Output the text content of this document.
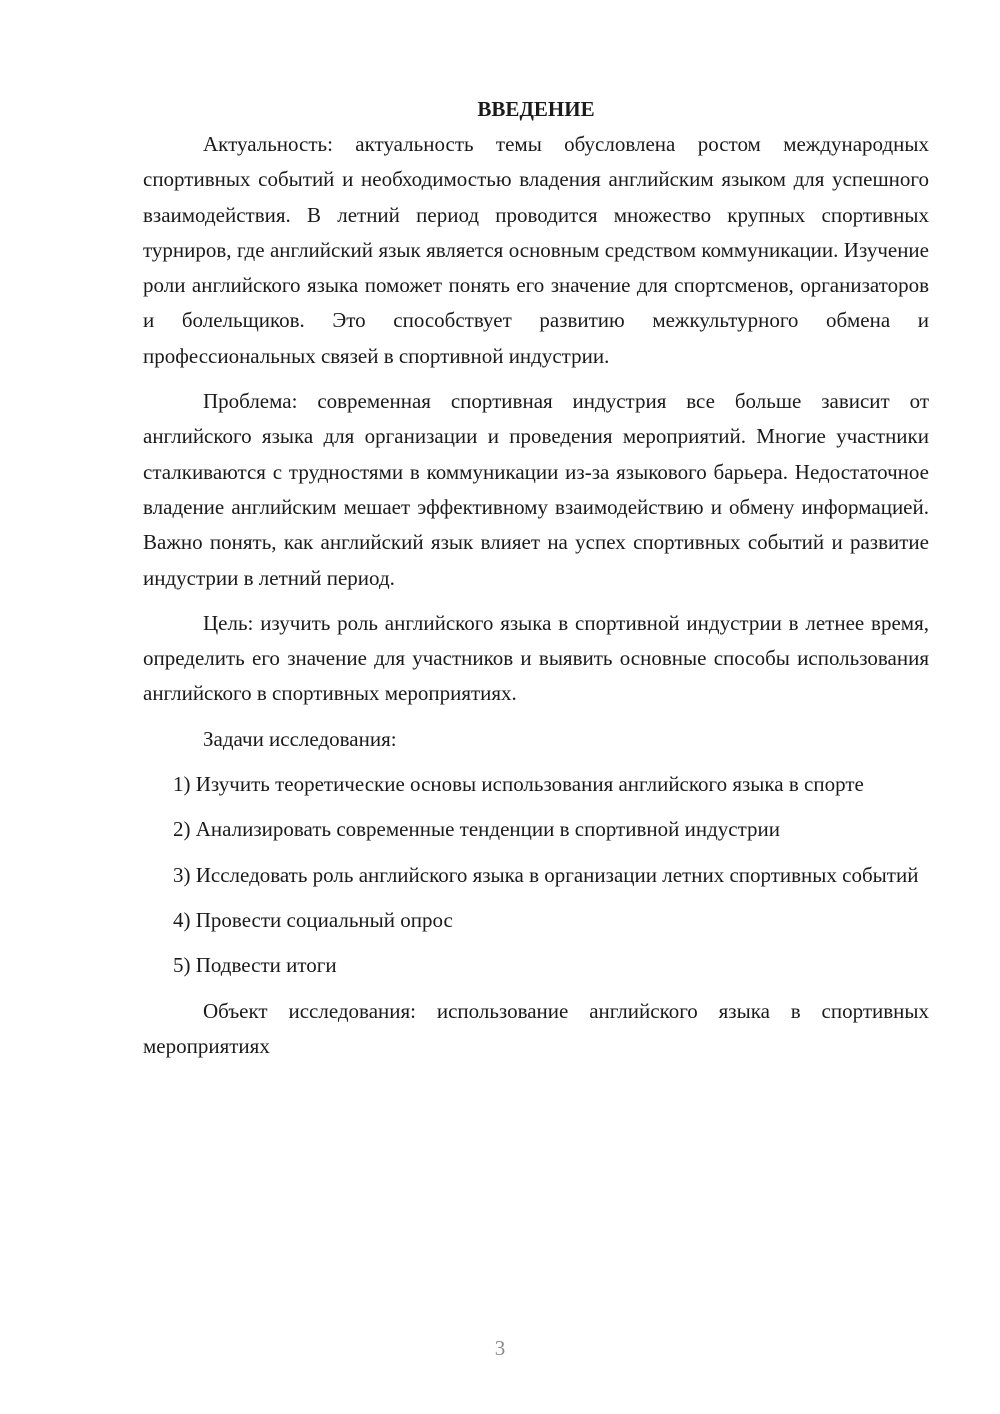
ВВЕДЕНИЕ

Актуальность: актуальность темы обусловлена ростом международных спортивных событий и необходимостью владения английским языком для успешного взаимодействия. В летний период проводится множество крупных спортивных турниров, где английский язык является основным средством коммуникации. Изучение роли английского языка поможет понять его значение для спортсменов, организаторов и болельщиков. Это способствует развитию межкультурного обмена и профессиональных связей в спортивной индустрии.

Проблема: современная спортивная индустрия все больше зависит от английского языка для организации и проведения мероприятий. Многие участники сталкиваются с трудностями в коммуникации из-за языкового барьера. Недостаточное владение английским мешает эффективному взаимодействию и обмену информацией. Важно понять, как английский язык влияет на успех спортивных событий и развитие индустрии в летний период.

Цель: изучить роль английского языка в спортивной индустрии в летнее время, определить его значение для участников и выявить основные способы использования английского в спортивных мероприятиях.

Задачи исследования:

1) Изучить теоретические основы использования английского языка в спорте

2) Анализировать современные тенденции в спортивной индустрии

3) Исследовать роль английского языка в организации летних спортивных событий

4) Провести социальный опрос

5) Подвести итоги

Объект исследования: использование английского языка в спортивных мероприятиях

3
